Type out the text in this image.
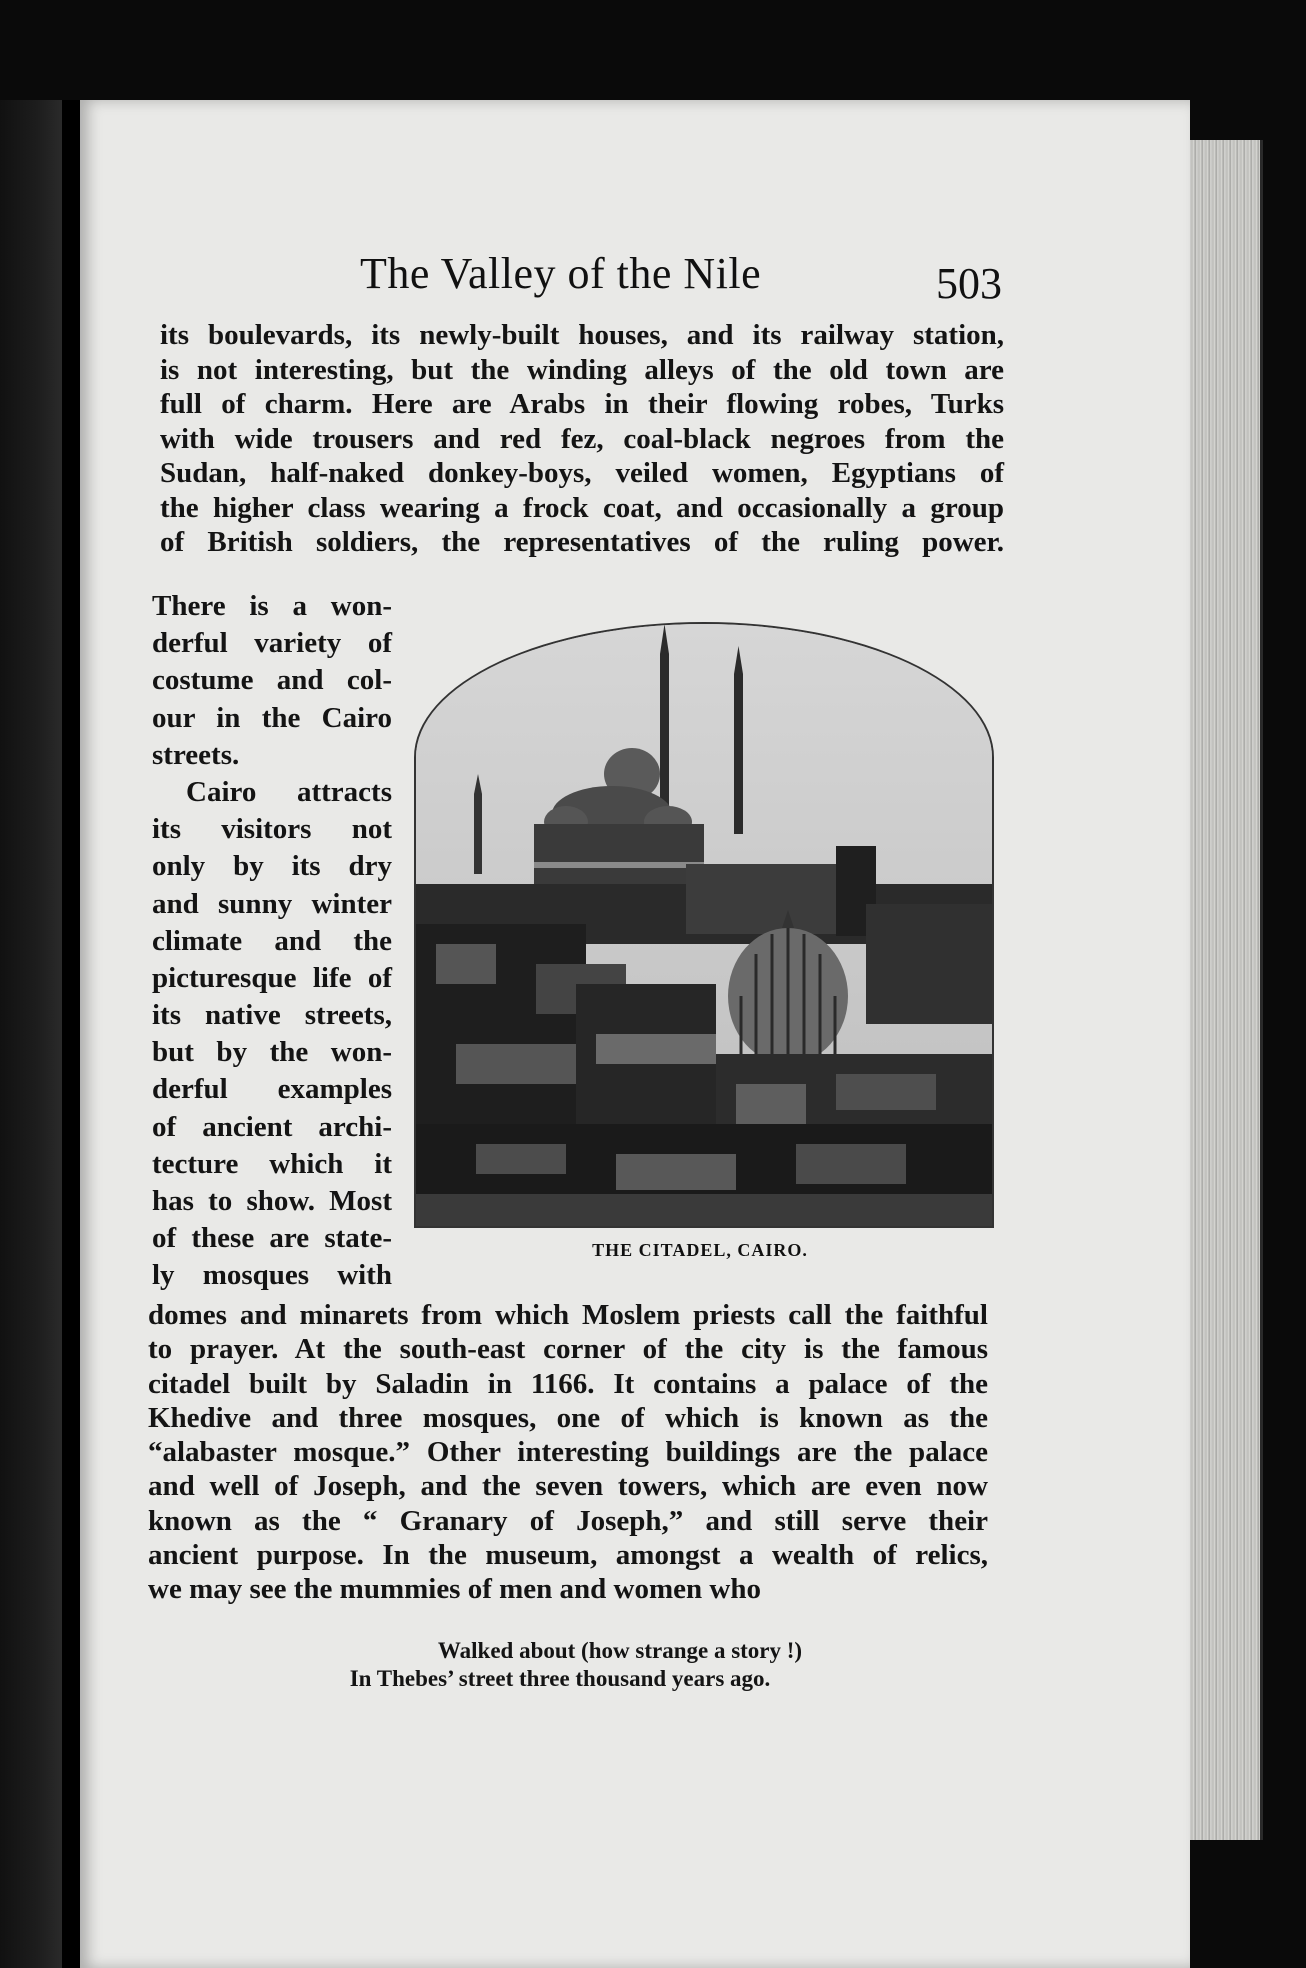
The Valley of the Nile	503
its boulevards, its newly-built houses, and its railway station,
is not interesting, but the winding alleys of the old town are
full of charm. Here are Arabs in their flowing robes, Turks
with wide trousers and red fez, coal-black negroes from the
Sudan, half-naked donkey-boys, veiled women, Egyptians of
the higher class wearing a frock coat, and occasionally a group
of British soldiers, the representatives of the ruling power.
There is a won-
derful variety of
costume and col-
our in the Cairo
streets.
Cairo attracts
its visitors not
only by its dry
and sunny winter
climate and the
picturesque life of
its native streets,
but by the won-
derful examples
of ancient archi-
tecture which it
has to show. Most
of these are state-
ly mosques with
THE CITADEL, CAIRO.
domes and minarets from which Moslem priests call the faithful
to prayer. At the south-east corner of the city is the famous
citadel built by Saladin in 1166. It contains a palace of the
Khedive and three mosques, one of which is known as the
“alabaster mosque.” Other interesting buildings are the palace
and well of Joseph, and the seven towers, which are even now
known as the “ Granary of Joseph,” and still serve their
ancient purpose. In the museum, amongst a wealth of relics,
we may see the mummies of men and women who
Walked about (how strange a story !)
In Thebes’ street three thousand years ago.
